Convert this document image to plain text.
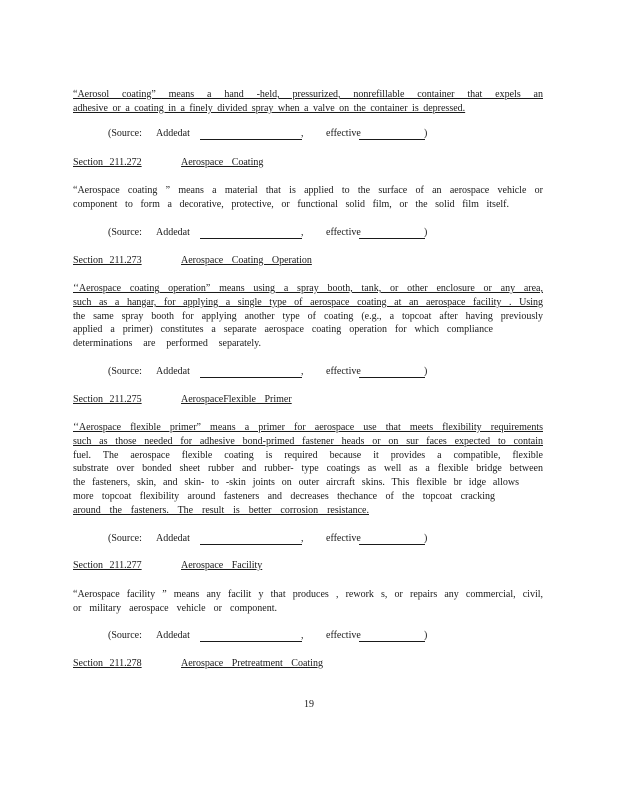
“Aerosol coating” means a hand -held, pressurized, nonrefillable container that expels an
adhesive or a coating in a finely divided spray when a valve on the container is depressed.
(Source: Addedat	, effective	)
Section 211.272	Aerospace Coating
“Aerospace coating ” means a material that is applied to the surface of an aerospace vehicle or
component to form a decorative, protective, or functional solid film, or the solid film itself.
(Source: Addedat	, effective	)
Section 211.273	Aerospace Coating Operation
‘‘Aerospace coating operation” means using a spray booth, tank, or other enclosure or any area,
such as a hangar, for applying a single type of aerospace coating at an aerospace facility . Using
the same spray booth for applying another type of coating (e.g., a topcoat after having previously
applied a primer) constitutes a separate aerospace coating operation for which compliance
determinations are performed separately.
(Source: Addedat	, effective	)
Section 211.275	AerospaceFlexible Primer
‘‘Aerospace flexible primer” means a primer for aerospace use that meets flexibility requirements
such as those needed for adhesive bond-primed fastener heads or on sur faces expected to contain
fuel. The aerospace flexible coating is required because it provides a compatible, flexible
substrate over bonded sheet rubber and rubber- type coatings as well as a flexible bridge between
the fasteners, skin, and skin- to -skin joints on outer aircraft skins. This flexible br idge allows
more topcoat flexibility around fasteners and decreases thechance of the topcoat cracking
around the fasteners. The result is better corrosion resistance.
(Source: Addedat	, effective	)
Section 211.277	Aerospace Facility
“Aerospace facility ” means any facilit y that produces , rework s, or repairs any commercial, civil,
or military aerospace vehicle or component.
(Source: Addedat	, effective	)
Section 211.278	Aerospace Pretreatment Coating
19
